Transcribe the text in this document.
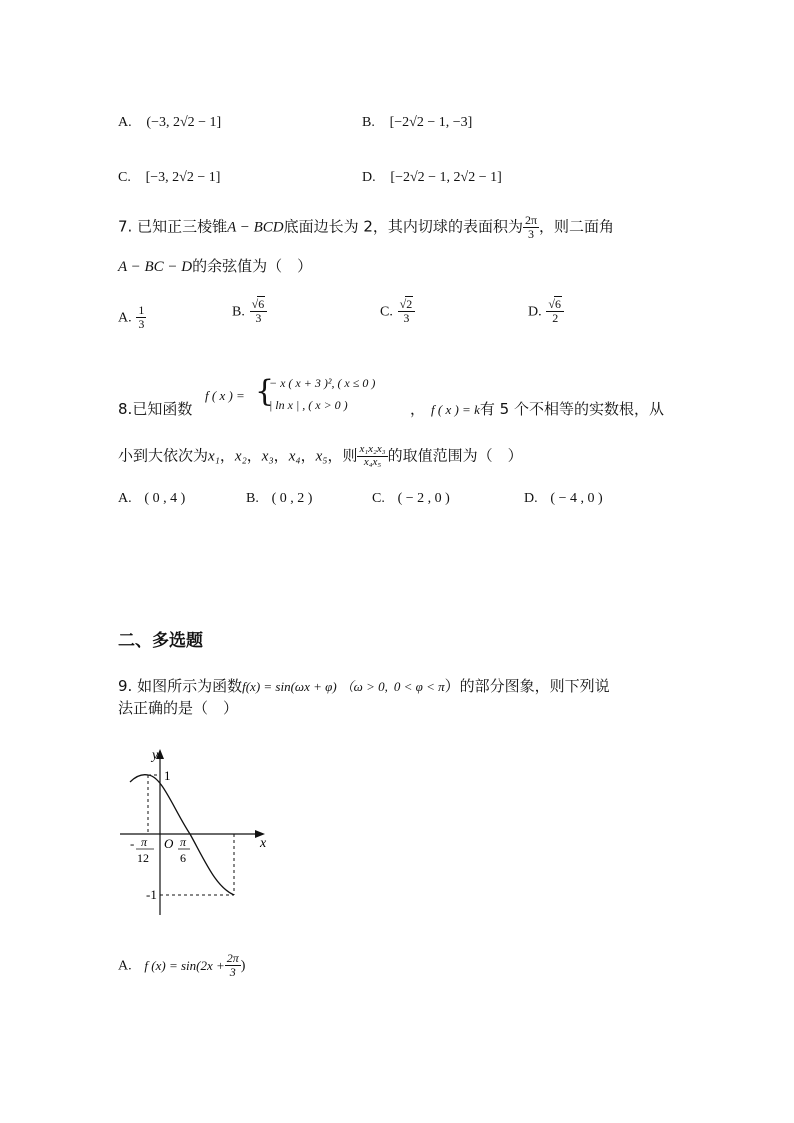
A. (−3, 2√2 − 1]	B. [−2√2 − 1, −3]
C. [−3, 2√2 − 1]	D. [−2√2 − 1, 2√2 − 1]
7. 已知正三棱锥A − BCD底面边长为 2，其内切球的表面积为 $\frac{2\pi}{3}$ ，则二面角
A − BC − D的余弦值为（　）
A. $\frac{1}{3}$	B. $\frac{√6}{3}$	C. $\frac{√2}{3}$	D. $\frac{√6}{2}$
8.已知函数
f ( x ) = {
− x ( x + 3 )², ( x ≤ 0 )
| ln x | , ( x > 0 )	， f ( x ) = k有 5 个不相等的实数根，从
小到大依次为x₁，x₂，x₃，x₄，x₅，则 $\frac{\text{x₁x₂x₃}}{\text{x₄x₅}}$ 的取值范围为（　）
A. ( 0 , 4 )	B. ( 0 , 2 )	C. ( − 2 , 0 )	D. ( − 4 , 0 )
二、多选题
9. 如图所示为函数f(x) = sin(ωx + φ) （ω > 0, 0 < φ < π）的部分图象，则下列说
法正确的是（　）
y
x
1
-1
O
- π
12
π
6
A. f $(x) = \sin(2x + \frac{2\pi}{3}$ )
